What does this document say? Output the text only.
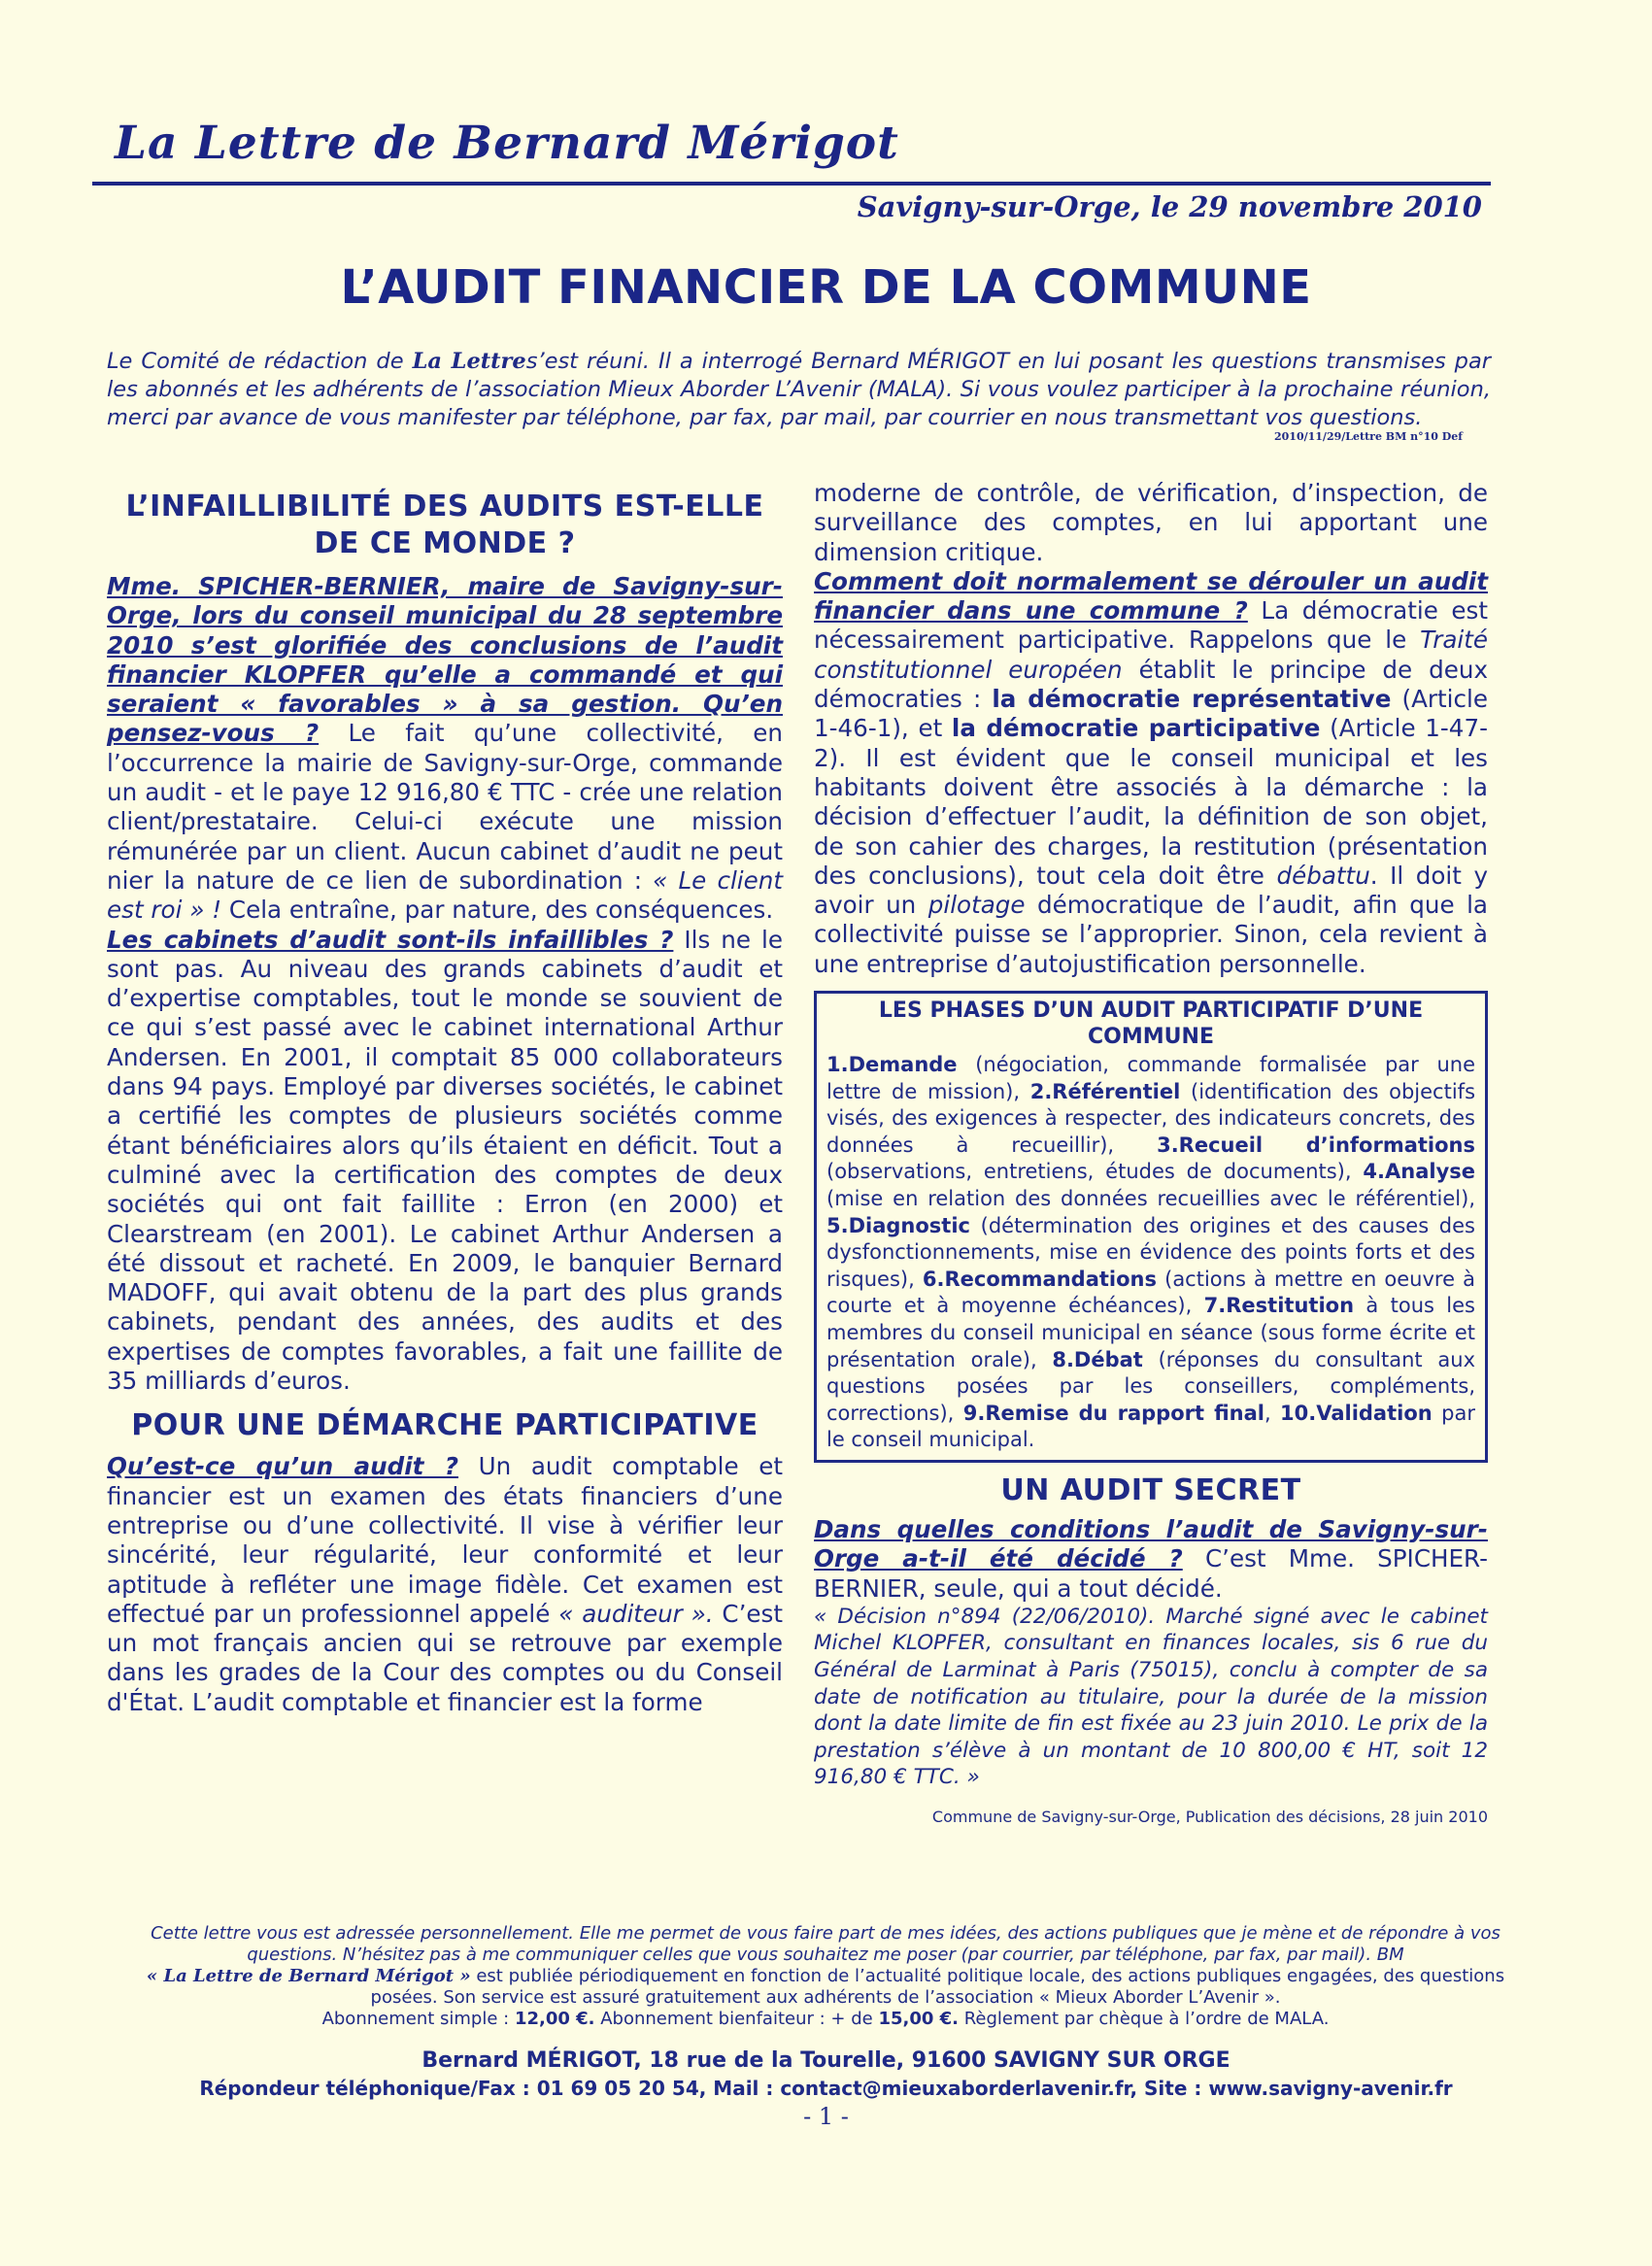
La Lettre de Bernard Mérigot
Savigny-sur-Orge, le 29 novembre 2010
L’AUDIT FINANCIER DE LA COMMUNE
Le Comité de rédaction de La Lettres’est réuni. Il a interrogé Bernard MÉRIGOT en lui posant les questions transmises par les abonnés et les adhérents de l’association Mieux Aborder L’Avenir (MALA). Si vous voulez participer à la prochaine réunion, merci par avance de vous manifester par téléphone, par fax, par mail, par courrier en nous transmettant vos questions.
2010/11/29/Lettre BM n°10 Def

L’INFAILLIBILITÉ DES AUDITS EST-ELLE DE CE MONDE ?

Mme. SPICHER-BERNIER, maire de Savigny-sur-Orge, lors du conseil municipal du 28 septembre 2010 s’est glorifiée des conclusions de l’audit financier KLOPFER qu’elle a commandé et qui seraient « favorables » à sa gestion. Qu’en pensez-vous ? Le fait qu’une collectivité, en l’occurrence la mairie de Savigny-sur-Orge, commande un audit - et le paye 12 916,80 € TTC - crée une relation client/prestataire. Celui-ci exécute une mission rémunérée par un client. Aucun cabinet d’audit ne peut nier la nature de ce lien de subordination : « Le client est roi » ! Cela entraîne, par nature, des conséquences.

Les cabinets d’audit sont-ils infaillibles ? Ils ne le sont pas. Au niveau des grands cabinets d’audit et d’expertise comptables, tout le monde se souvient de ce qui s’est passé avec le cabinet international Arthur Andersen. En 2001, il comptait 85 000 collaborateurs dans 94 pays. Employé par diverses sociétés, le cabinet a certifié les comptes de plusieurs sociétés comme étant bénéficiaires alors qu’ils étaient en déficit. Tout a culminé avec la certification des comptes de deux sociétés qui ont fait faillite : Erron (en 2000) et Clearstream (en 2001). Le cabinet Arthur Andersen a été dissout et racheté. En 2009, le banquier Bernard MADOFF, qui avait obtenu de la part des plus grands cabinets, pendant des années, des audits et des expertises de comptes favorables, a fait une faillite de 35 milliards d’euros.

POUR UNE DÉMARCHE PARTICIPATIVE

Qu’est-ce qu’un audit ? Un audit comptable et financier est un examen des états financiers d’une entreprise ou d’une collectivité. Il vise à vérifier leur sincérité, leur régularité, leur conformité et leur aptitude à refléter une image fidèle. Cet examen est effectué par un professionnel appelé « auditeur ». C’est un mot français ancien qui se retrouve par exemple dans les grades de la Cour des comptes ou du Conseil d'État. L’audit comptable et financier est la forme

moderne de contrôle, de vérification, d’inspection, de surveillance des comptes, en lui apportant une dimension critique.

Comment doit normalement se dérouler un audit financier dans une commune ? La démocratie est nécessairement participative. Rappelons que le Traité constitutionnel européen établit le principe de deux démocraties : la démocratie représentative (Article 1-46-1), et la démocratie participative (Article 1-47-2). Il est évident que le conseil municipal et les habitants doivent être associés à la démarche : la décision d’effectuer l’audit, la définition de son objet, de son cahier des charges, la restitution (présentation des conclusions), tout cela doit être débattu. Il doit y avoir un pilotage démocratique de l’audit, afin que la collectivité puisse se l’approprier. Sinon, cela revient à une entreprise d’autojustification personnelle.

LES PHASES D’UN AUDIT PARTICIPATIF D’UNE COMMUNE
1.Demande (négociation, commande formalisée par une lettre de mission), 2.Référentiel (identification des objectifs visés, des exigences à respecter, des indicateurs concrets, des données à recueillir), 3.Recueil d’informations (observations, entretiens, études de documents), 4.Analyse (mise en relation des données recueillies avec le référentiel), 5.Diagnostic (détermination des origines et des causes des dysfonctionnements, mise en évidence des points forts et des risques), 6.Recommandations (actions à mettre en oeuvre à courte et à moyenne échéances), 7.Restitution à tous les membres du conseil municipal en séance (sous forme écrite et présentation orale), 8.Débat (réponses du consultant aux questions posées par les conseillers, compléments, corrections), 9.Remise du rapport final, 10.Validation par le conseil municipal.

UN AUDIT SECRET

Dans quelles conditions l’audit de Savigny-sur-Orge a-t-il été décidé ? C’est Mme. SPICHER-BERNIER, seule, qui a tout décidé.

« Décision n°894 (22/06/2010). Marché signé avec le cabinet Michel KLOPFER, consultant en finances locales, sis 6 rue du Général de Larminat à Paris (75015), conclu à compter de sa date de notification au titulaire, pour la durée de la mission dont la date limite de fin est fixée au 23 juin 2010. Le prix de la prestation s’élève à un montant de 10 800,00 € HT, soit 12 916,80 € TTC. »

Commune de Savigny-sur-Orge, Publication des décisions, 28 juin 2010
Cette lettre vous est adressée personnellement. Elle me permet de vous faire part de mes idées, des actions publiques que je mène et de répondre à vos questions. N’hésitez pas à me communiquer celles que vous souhaitez me poser (par courrier, par téléphone, par fax, par mail). BM
« La Lettre de Bernard Mérigot » est publiée périodiquement en fonction de l’actualité politique locale, des actions publiques engagées, des questions posées. Son service est assuré gratuitement aux adhérents de l’association « Mieux Aborder L’Avenir ».
Abonnement simple : 12,00 €. Abonnement bienfaiteur : + de 15,00 €. Règlement par chèque à l’ordre de MALA.
Bernard MÉRIGOT, 18 rue de la Tourelle, 91600 SAVIGNY SUR ORGE
Répondeur téléphonique/Fax : 01 69 05 20 54, Mail : contact@mieuxaborderlavenir.fr, Site : www.savigny-avenir.fr
- 1 -
